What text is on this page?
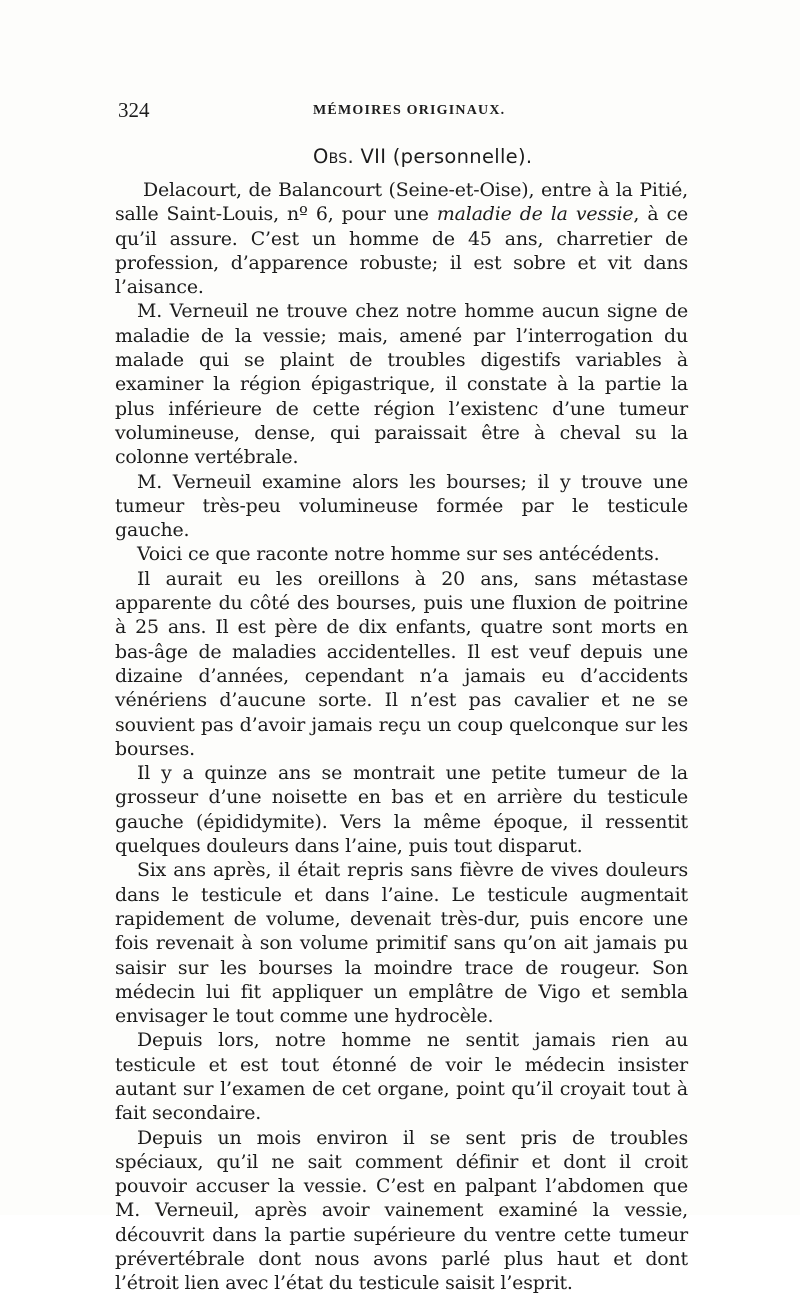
324	MÉMOIRES ORIGINAUX.
Obs. VII (personnelle).

Delacourt, de Balancourt (Seine-et-Oise), entre à la Pitié, salle Saint-Louis, nº 6, pour une maladie de la vessie, à ce qu’il assure. C’est un homme de 45 ans, charretier de profession, d’apparence robuste; il est sobre et vit dans l’aisance.

M. Verneuil ne trouve chez notre homme aucun signe de maladie de la vessie; mais, amené par l’interrogation du malade qui se plaint de troubles digestifs variables à examiner la région épigastrique, il constate à la partie la plus inférieure de cette région l’existenc d’une tumeur volumineuse, dense, qui paraissait être à cheval su la colonne vertébrale.

M. Verneuil examine alors les bourses; il y trouve une tumeur très-peu volumineuse formée par le testicule gauche.

Voici ce que raconte notre homme sur ses antécédents.

Il aurait eu les oreillons à 20 ans, sans métastase apparente du côté des bourses, puis une fluxion de poitrine à 25 ans. Il est père de dix enfants, quatre sont morts en bas-âge de maladies accidentelles. Il est veuf depuis une dizaine d’années, cependant n’a jamais eu d’accidents vénériens d’aucune sorte. Il n’est pas cavalier et ne se souvient pas d’avoir jamais reçu un coup quelconque sur les bourses.

Il y a quinze ans se montrait une petite tumeur de la grosseur d’une noisette en bas et en arrière du testicule gauche (épididymite). Vers la même époque, il ressentit quelques douleurs dans l’aine, puis tout disparut.

Six ans après, il était repris sans fièvre de vives douleurs dans le testicule et dans l’aine. Le testicule augmentait rapidement de volume, devenait très-dur, puis encore une fois revenait à son volume primitif sans qu’on ait jamais pu saisir sur les bourses la moindre trace de rougeur. Son médecin lui fit appliquer un emplâtre de Vigo et sembla envisager le tout comme une hydrocèle.

Depuis lors, notre homme ne sentit jamais rien au testicule et est tout étonné de voir le médecin insister autant sur l’examen de cet organe, point qu’il croyait tout à fait secondaire.

Depuis un mois environ il se sent pris de troubles spéciaux, qu’il ne sait comment définir et dont il croit pouvoir accuser la vessie. C’est en palpant l’abdomen que M. Verneuil, après avoir vainement examiné la vessie, découvrit dans la partie supérieure du ventre cette tumeur prévertébrale dont nous avons parlé plus haut et dont l’étroit lien avec l’état du testicule saisit l’esprit.
